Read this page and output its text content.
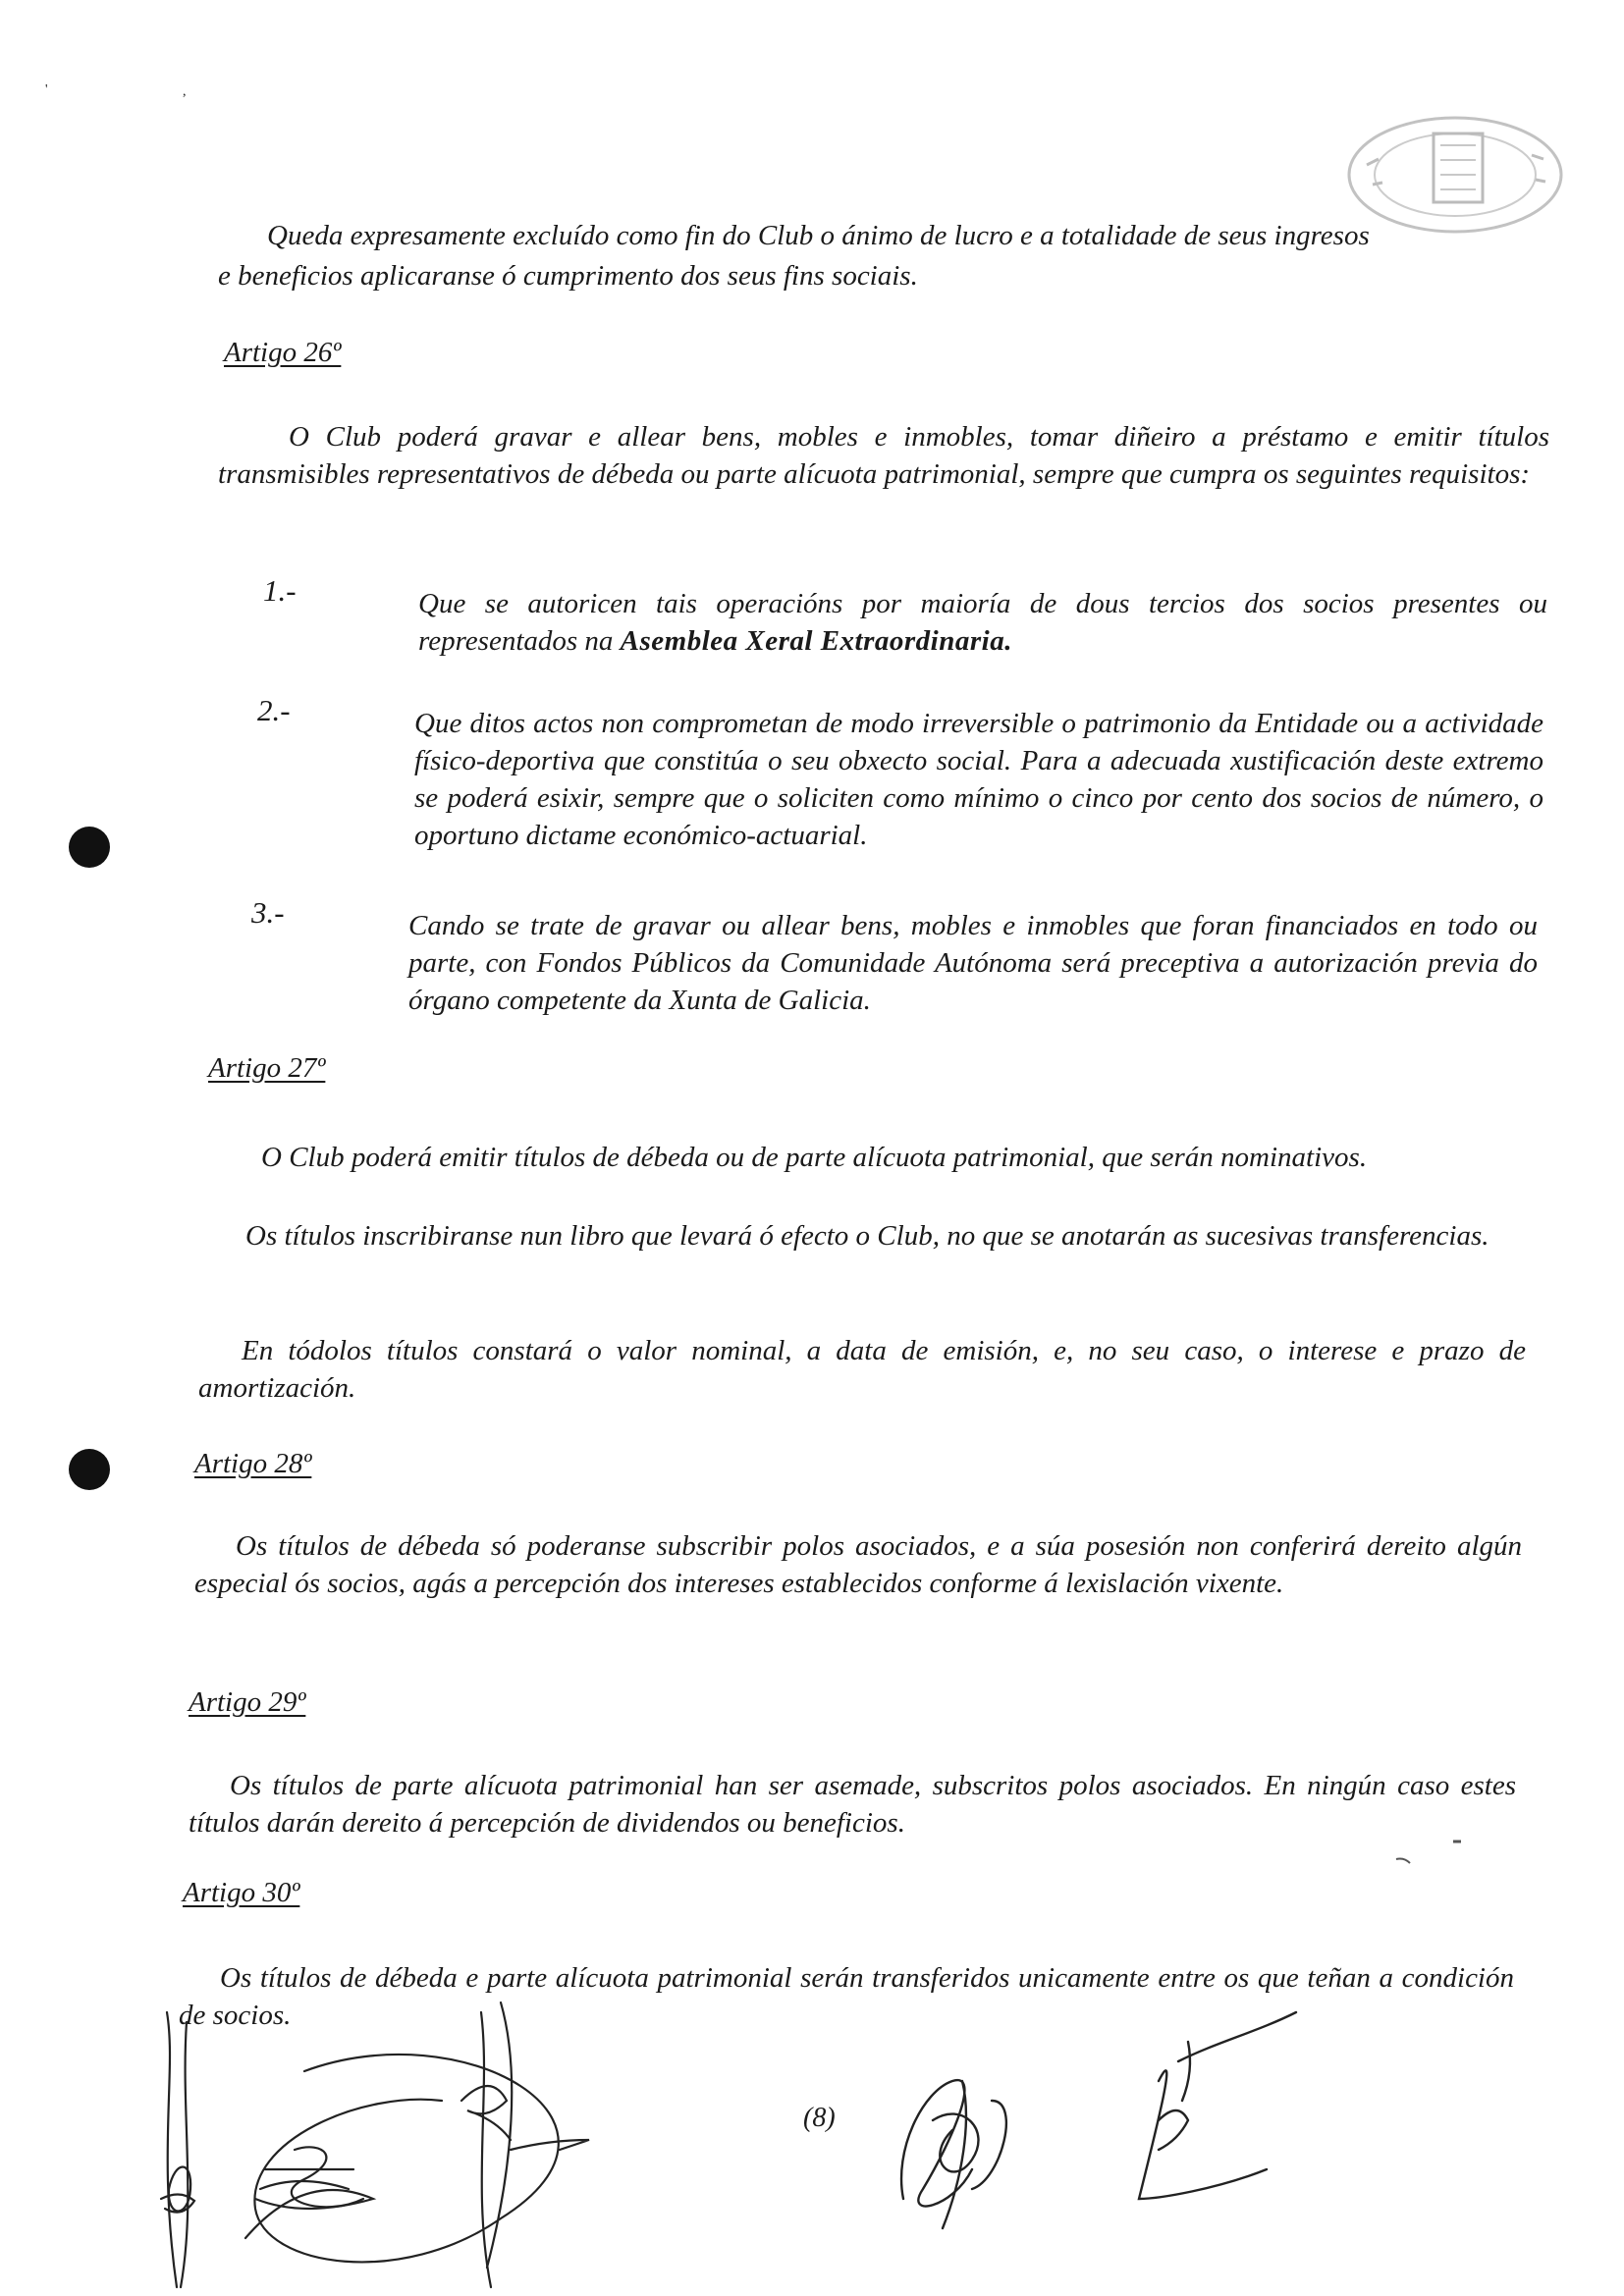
'	,

Queda expresamente excluído como fin do Club o ánimo de lucro e a totalidade de seus ingresos

e beneficios aplicaranse ó cumprimento dos seus fins sociais.

Artigo 26º

O Club poderá gravar e allear bens, mobles e inmobles, tomar diñeiro a préstamo e emitir títulos transmisibles representativos de débeda ou parte alícuota patrimonial, sempre que cumpra os seguintes requisitos:

1.-	Que se autoricen tais operacións por maioría de dous tercios dos socios presentes ou representados na Asemblea Xeral Extraordinaria.

2.-	Que ditos actos non comprometan de modo irreversible o patrimonio da Entidade ou a actividade físico-deportiva que constitúa o seu obxecto social. Para a adecuada xustificación deste extremo se poderá esixir, sempre que o soliciten como mínimo o cinco por cento dos socios de número, o oportuno dictame económico-actuarial.

3.-	Cando se trate de gravar ou allear bens, mobles e inmobles que foran financiados en todo ou parte, con Fondos Públicos da Comunidade Autónoma será preceptiva a autorización previa do órgano competente da Xunta de Galicia.

Artigo 27º

O Club poderá emitir títulos de débeda ou de parte alícuota patrimonial, que serán nominativos.

Os títulos inscribiranse nun libro que levará ó efecto o Club, no que se anotarán as sucesivas transferencias.

En tódolos títulos constará o valor nominal, a data de emisión, e, no seu caso, o interese e prazo de amortización.

Artigo 28º

Os títulos de débeda só poderanse subscribir polos asociados, e a súa posesión non conferirá dereito algún especial ós socios, agás a percepción dos intereses establecidos conforme á lexislación vixente.

Artigo 29º

Os títulos de parte alícuota patrimonial han ser asemade, subscritos polos asociados. En ningún caso estes títulos darán dereito á percepción de dividendos ou beneficios.

Artigo 30º

Os títulos de débeda e parte alícuota patrimonial serán transferidos unicamente entre os que teñan a condición de socios.

(8)
